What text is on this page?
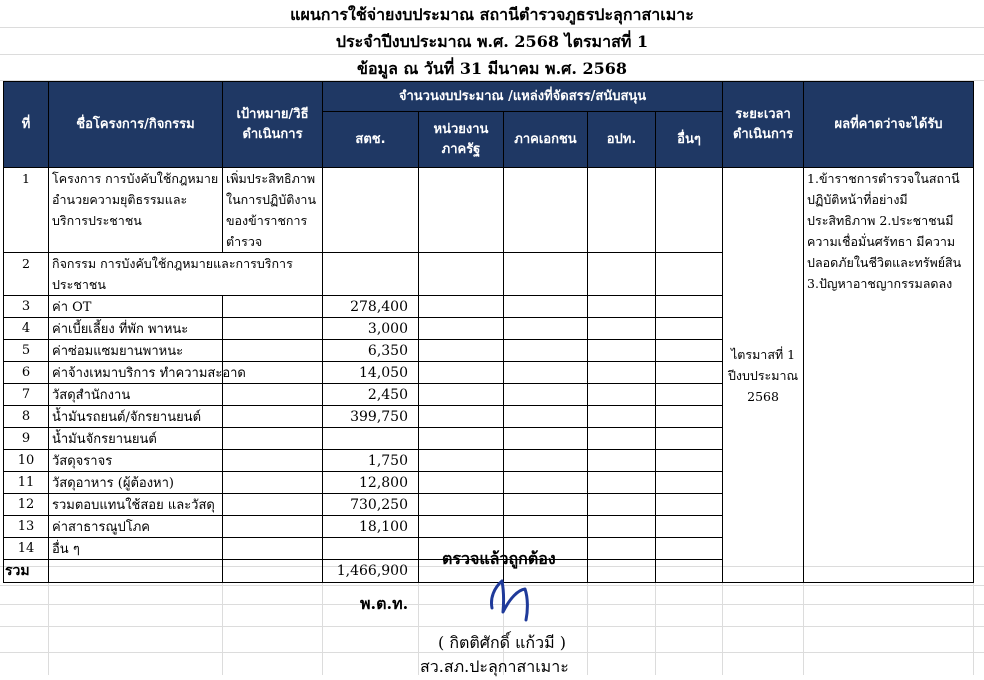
แผนการใช้จ่ายงบประมาณ สถานีตำรวจภูธรปะลุกาสาเมาะ
ประจำปีงบประมาณ พ.ศ. 2568 ไตรมาสที่ 1
ข้อมูล ณ วันที่ 31 มีนาคม พ.ศ. 2568
ที่	ชื่อโครงการ/กิจกรรม	เป้าหมาย/วิธีดำเนินการ	จำนวนงบประมาณ /แหล่งที่จัดสรร/สนับสนุน					ระยะเวลาดำเนินการ	ผลที่คาดว่าจะได้รับ
			สตช.	หน่วยงานภาครัฐ	ภาคเอกชน	อปท.	อื่นๆ		
1	โครงการ การบังคับใช้กฎหมาย อำนวยความยุติธรรมและบริการประชาชน	เพิ่มประสิทธิภาพในการปฏิบัติงานของข้าราชการตำรวจ						ไตรมาสที่ 1 ปีงบประมาณ 2568	1.ข้าราชการตำรวจในสถานีปฏิบัติหน้าที่อย่างมีประสิทธิภาพ 2.ประชาชนมีความเชื่อมั่นศรัทธา มีความปลอดภัยในชีวิตและทรัพย์สิน 3.ปัญหาอาชญากรรมลดลง
2	กิจกรรม การบังคับใช้กฎหมายและการบริการประชาชน								
3	ค่า OT		278,400						
4	ค่าเบี้ยเลี้ยง ที่พัก พาหนะ		3,000						
5	ค่าซ่อมแซมยานพาหนะ		6,350						
6	ค่าจ้างเหมาบริการ ทำความสะอาด		14,050						
7	วัสดุสำนักงาน		2,450						
8	น้ำมันรถยนต์/จักรยานยนต์		399,750						
9	น้ำมันจักรยานยนต์								
10	วัสดุจราจร		1,750						
11	วัสดุอาหาร (ผู้ต้องหา)		12,800						
12	รวมตอบแทนใช้สอย และวัสดุ		730,250						
13	ค่าสาธารณูปโภค		18,100						
14	อื่น ๆ								
รวม			1,466,900						
ตรวจแล้วถูกต้อง
พ.ต.ท.
( กิตติศักดิ์ แก้วมี )
สว.สภ.ปะลุกาสาเมาะ
